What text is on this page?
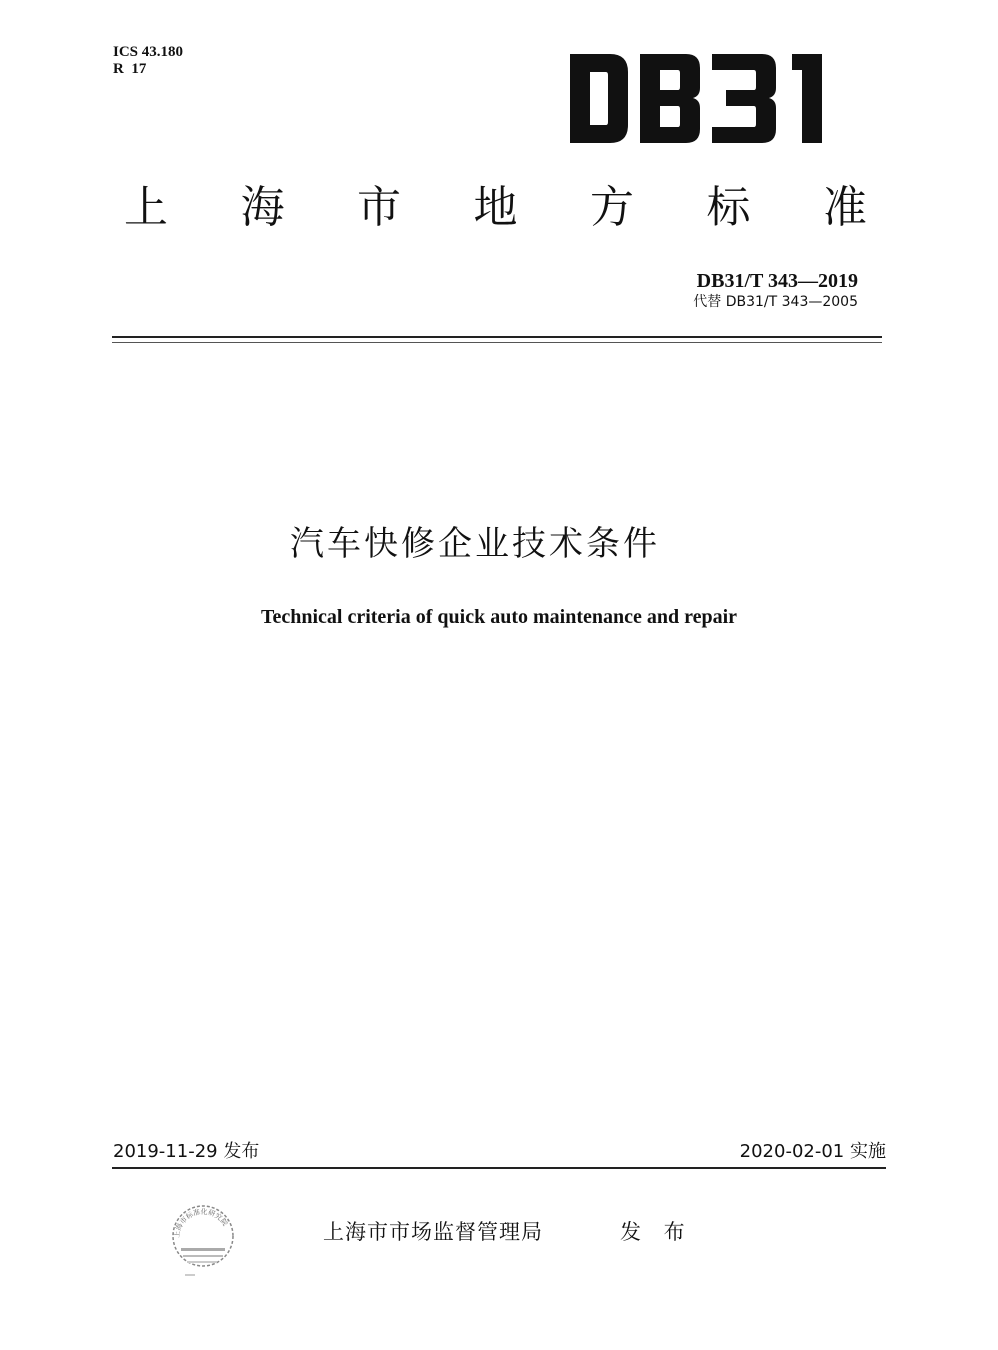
ICS 43.180
R  17
DB31
上 海 市 地 方 标 准
DB31/T 343—2019
代替 DB31/T 343—2005
汽车快修企业技术条件
Technical criteria of quick auto maintenance and repair
2019-11-29 发布	2020-02-01 实施
上海市标准化研究院	上海市市场监督管理局	发 布
